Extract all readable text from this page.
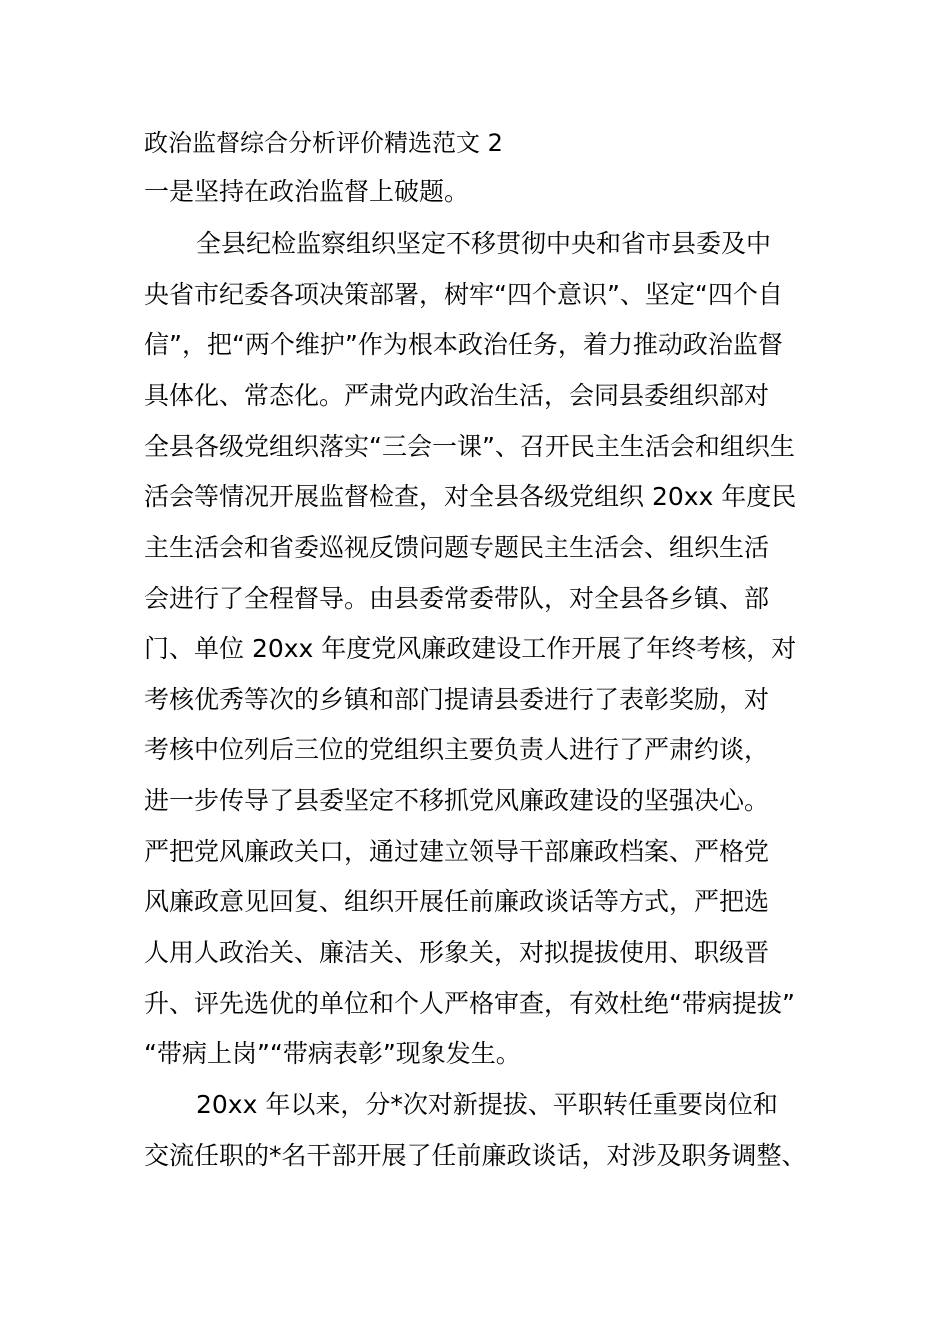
政治监督综合分析评价精选范文 2
一是坚持在政治监督上破题。
全县纪检监察组织坚定不移贯彻中央和省市县委及中
央省市纪委各项决策部署，树牢“四个意识”、坚定“四个自
信”，把“两个维护”作为根本政治任务，着力推动政治监督
具体化、常态化。严肃党内政治生活，会同县委组织部对
全县各级党组织落实“三会一课”、召开民主生活会和组织生
活会等情况开展监督检查，对全县各级党组织 20xx 年度民
主生活会和省委巡视反馈问题专题民主生活会、组织生活
会进行了全程督导。由县委常委带队，对全县各乡镇、部
门、单位 20xx 年度党风廉政建设工作开展了年终考核，对
考核优秀等次的乡镇和部门提请县委进行了表彰奖励，对
考核中位列后三位的党组织主要负责人进行了严肃约谈，
进一步传导了县委坚定不移抓党风廉政建设的坚强决心。
严把党风廉政关口，通过建立领导干部廉政档案、严格党
风廉政意见回复、组织开展任前廉政谈话等方式，严把选
人用人政治关、廉洁关、形象关，对拟提拔使用、职级晋
升、评先选优的单位和个人严格审查，有效杜绝“带病提拔”
“带病上岗”“带病表彰”现象发生。
20xx 年以来，分*次对新提拔、平职转任重要岗位和
交流任职的*名干部开展了任前廉政谈话，对涉及职务调整、
